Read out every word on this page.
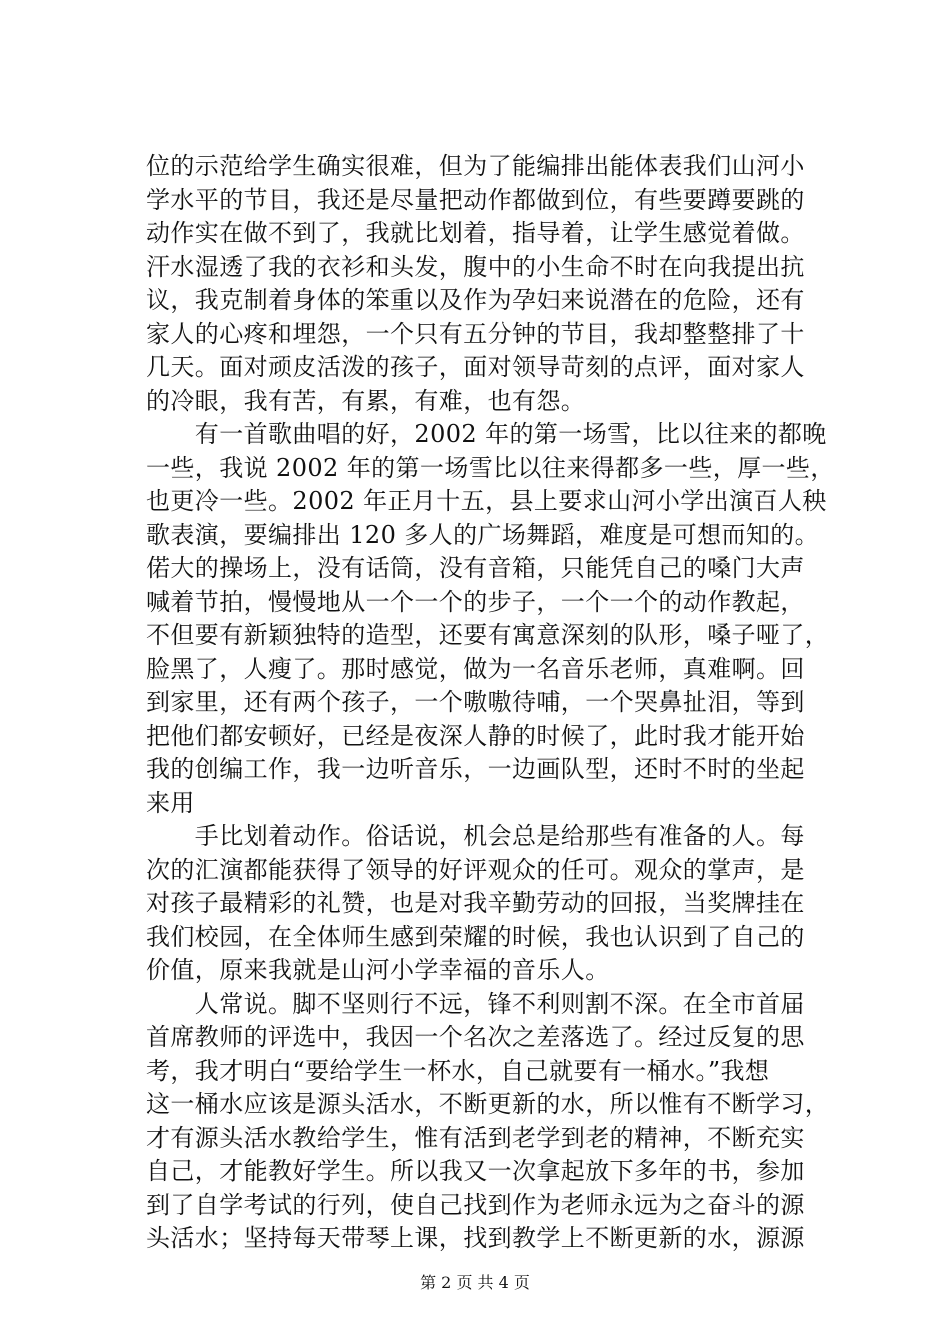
位的示范给学生确实很难，但为了能编排出能体表我们山河小
学水平的节目，我还是尽量把动作都做到位，有些要蹲要跳的
动作实在做不到了，我就比划着，指导着，让学生感觉着做。
汗水湿透了我的衣衫和头发，腹中的小生命不时在向我提出抗
议，我克制着身体的笨重以及作为孕妇来说潜在的危险，还有
家人的心疼和埋怨，一个只有五分钟的节目，我却整整排了十
几天。面对顽皮活泼的孩子，面对领导苛刻的点评，面对家人
的冷眼，我有苦，有累，有难，也有怨。

　　有一首歌曲唱的好，2002 年的第一场雪，比以往来的都晚
一些，我说 2002 年的第一场雪比以往来得都多一些，厚一些，
也更冷一些。2002 年正月十五，县上要求山河小学出演百人秧
歌表演，要编排出 120 多人的广场舞蹈，难度是可想而知的。
偌大的操场上，没有话筒，没有音箱，只能凭自己的嗓门大声
喊着节拍，慢慢地从一个一个的步子，一个一个的动作教起，
不但要有新颖独特的造型，还要有寓意深刻的队形，嗓子哑了，
脸黑了，人瘦了。那时感觉，做为一名音乐老师，真难啊。回
到家里，还有两个孩子，一个嗷嗷待哺，一个哭鼻扯泪，等到
把他们都安顿好，已经是夜深人静的时候了，此时我才能开始
我的创编工作，我一边听音乐，一边画队型，还时不时的坐起
来用

　　手比划着动作。俗话说，机会总是给那些有准备的人。每
次的汇演都能获得了领导的好评观众的任可。观众的掌声，是
对孩子最精彩的礼赞，也是对我辛勤劳动的回报，当奖牌挂在
我们校园，在全体师生感到荣耀的时候，我也认识到了自己的
价值，原来我就是山河小学幸福的音乐人。

　　人常说。脚不坚则行不远，锋不利则割不深。在全市首届
首席教师的评选中，我因一个名次之差落选了。经过反复的思
考，我才明白“要给学生一杯水，自己就要有一桶水。”我想
这一桶水应该是源头活水，不断更新的水，所以惟有不断学习，
才有源头活水教给学生，惟有活到老学到老的精神，不断充实
自己，才能教好学生。所以我又一次拿起放下多年的书，参加
到了自学考试的行列，使自己找到作为老师永远为之奋斗的源
头活水；坚持每天带琴上课，找到教学上不断更新的水，源源

第 2 页 共 4 页
